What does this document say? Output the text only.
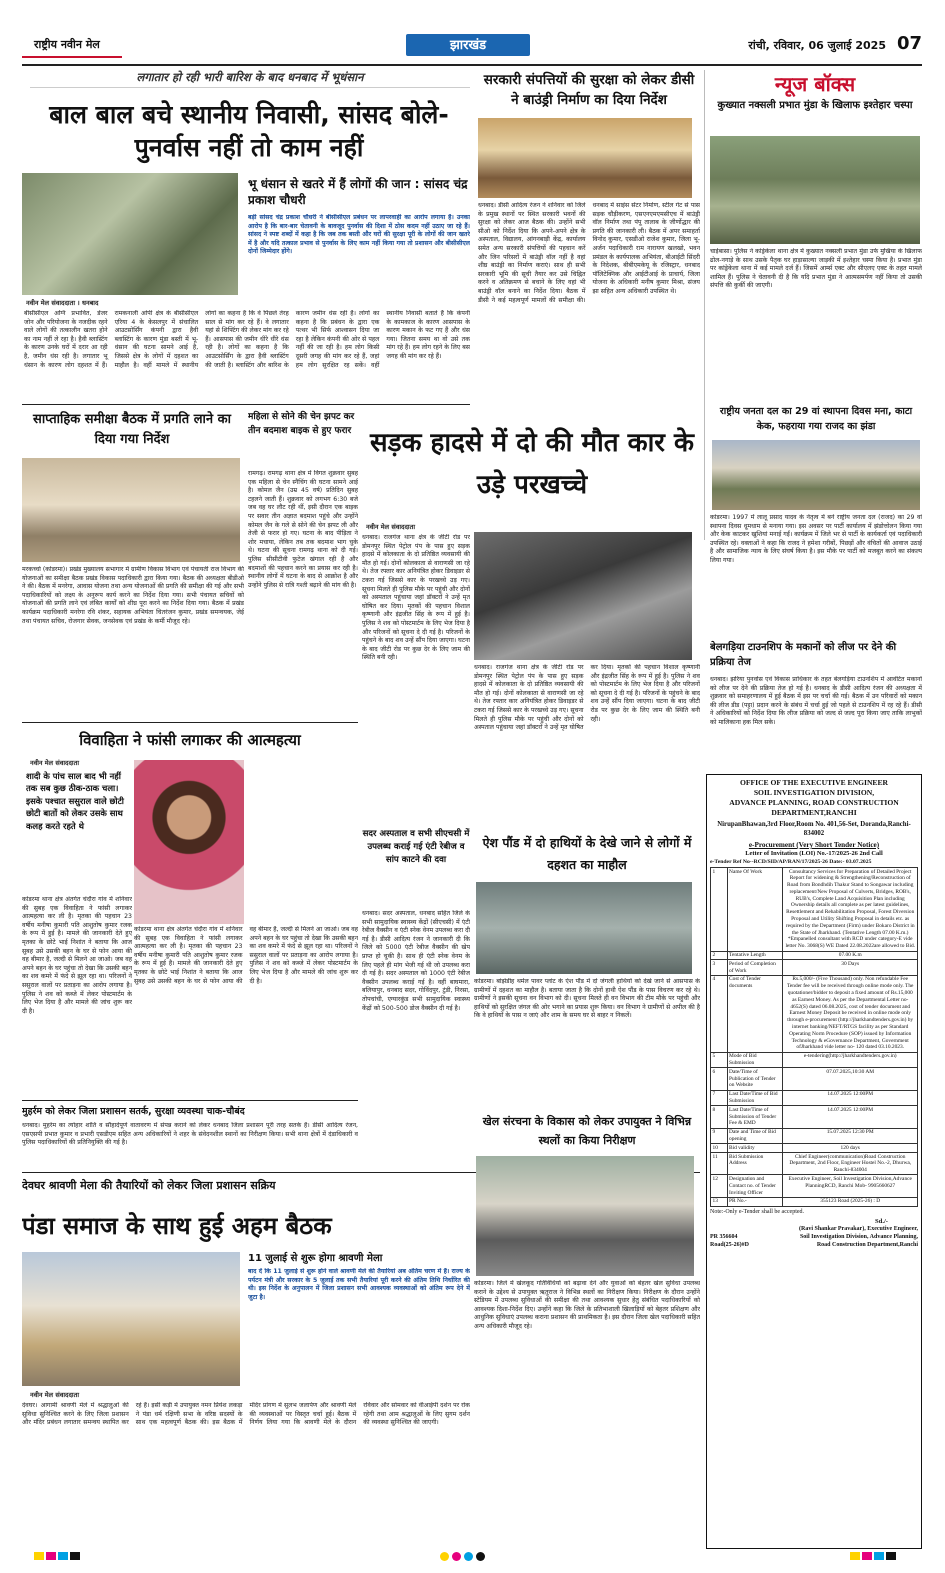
राष्ट्रीय नवीन मेल	झारखंड	रांची, रविवार, 06 जुलाई 2025 07
लगातार हो रही भारी बारिश के बाद धनबाद में भूधंसान
बाल बाल बचे स्थानीय निवासी, सांसद बोले- पुनर्वास नहीं तो काम नहीं
भू धंसान से खतरे में हैं लोगों की जान : सांसद चंद्र प्रकाश चौधरी
बड़ी सांसद चंद्र प्रकाश चौधरी ने बीसीसीएल प्रबंधन पर लापरवाही का आरोप लगाया है। उनका आरोप है कि बार-बार चेतावनी के बावजूद पुनर्वास की दिशा में ठोस कदम नहीं उठाए जा रहे हैं। सांसद ने स्पष्ट शब्दों में कहा है कि जब तक बस्ती और घरों की सुरक्षा पूरी के लोगों की जान खतरे में है और यदि तत्काल प्रभाव से पुनर्वास के लिए काम नहीं किया गया तो प्रशासन और बीसीसीएल दोनों जिम्मेदार होंगे।
नवीन मेल संवाददाता । धनबाद
बीसीसीएल अग्नि प्रभावित, डेंजर जोन और परियोजना के नजदीक रहने वाले लोगों की तत्कालीन खतरा होने का नाम नहीं ले रहा है। हैवी ब्लास्टिंग के कारण उनके घरों में दरार आ रही है, जमीन धंस रही है। लगातार भू धंसान के कारण लोग दहशत में हैं। रामकनाली ओपी क्षेत्र के बीसीसीएल एरिया 4 के केसलपुर में संचालित आउटसोर्सिंग कंपनी द्वारा हैवी ब्लास्टिंग के कारण मुंडा बस्ती में भू-धंसान की घटना सामने आई है, जिससे क्षेत्र के लोगों में दहशत का माहौल है। वहीं मामले में स्थानीय लोगों का कहना है कि वे पिछले तेरह साल से मांग कर रहे हैं। वे लगातार यहां से शिफ्टिंग की लेकर मांग कर रहे हैं। आसपास की जमीन धीरे धीरे धंस रही है। लोगों का कहना है कि आउटसोर्सिंग के द्वारा हैवी ब्लास्टिंग की जाती है। ब्लास्टिंग और बारिश के कारण जमीन धंस रही है। लोगों का कहना है कि प्रबंधन के द्वारा एक पत्थर भी सिर्फ आश्वासन दिया जा रहा है लेकिन कंपनी की ओर से पहल नहीं की जा रही है। हम लोग किसी दूसरी जगह की मांग कर रहे हैं, जहां हम लोग सुरक्षित रह सकें। वहीं स्थानीय निवासी बताते हैं कि कंपनी के कामकाज के कारण आसपास के कारण मकान के फट गए हैं और धंस गया। जितना समय था वो उसे तक मांग रहे हैं। हम लोग रहने के लिए बस जगह की मांग कर रहे हैं।
सरकारी संपत्तियों की सुरक्षा को लेकर डीसी ने बाउंड्री निर्माण का दिया निर्देश
धनबाद। डीसी आदित्य रंजन ने शनिवार को जिले के प्रमुख स्थानों पर स्थित सरकारी भवनों की सुरक्षा को लेकर आज बैठक की। उन्होंने सभी सीओ को निर्देश दिया कि अपने-अपने क्षेत्र के अस्पताल, विद्यालय, आंगनबाड़ी केंद्र, कार्यालय समेत अन्य सरकारी संपत्तियों की पहचान करें और जिन परिसरों में बाउंड्री वॉल नहीं है वहां शीघ्र बाउंड्री का निर्माण कराएं। साथ ही सभी सरकारी भूमि की सूची तैयार कर उसे चिह्नित करने व अतिक्रमण से बचाने के लिए वहां भी बाउंड्री वॉल बनाने का निर्देश दिया। बैठक में डीसी ने कई महत्वपूर्ण मामलों की समीक्षा की। धनबाद में साइंस सेंटर निर्माण, स्टील गेट से पास सड़क चौड़ीकरण, एसएनएमएमसीएच में बाउंड्री वॉल निर्माण तथा पंपू तालाब के जीर्णोद्धार की प्रगति की जानकारी ली। बैठक में अपर समाहर्ता विनोद कुमार, एसडीओ राजेश कुमार, जिला भू-अर्जन पदाधिकारी राम नारायण खलखो, भवन प्रमंडल के कार्यपालक अभियंता, बीआईटी सिंदरी के निदेशक, बीबीएमकेयू के रजिस्ट्रार, धनबाद पॉलिटेक्निक और आईटीआई के प्राचार्य, जिला योजना के अधिकारी मनीष कुमार मिश्रा, संजय झा सहित अन्य अधिकारी उपस्थित थे।
न्यूज बॉक्स
कुख्यात नक्सली प्रभात मुंडा के खिलाफ इश्तेहार चस्पा
चाईबासा। पुलिस ने कांड्रेकेला थाना क्षेत्र में कुख्यात नक्सली प्रभात मुंडा उर्फ मुखिया के खिलाफ ढोल-नगाड़े के साथ उसके पैतृक घर हाड़ासाल्या जाड़की में इश्तेहार चस्पा किया है। प्रभात मुंडा पर कांड्रेकेला थाना में कई मामले दर्ज हैं। जिसमें आर्म्स एक्ट और सीएलए एक्ट के तहत मामले शामिल हैं। पुलिस ने चेतावनी दी है कि यदि प्रभात मुंडा ने आत्मसमर्पण नहीं किया तो उसकी संपत्ति की कुर्की की जाएगी।
राष्ट्रीय जनता दल का 29 वां स्थापना दिवस मना, काटा केक, फहराया गया राजद का झंडा
कोडरमा। 1997 में लालू प्रसाद यादव के नेतृत्व में बने राष्ट्रीय जनता दल (राजद) का 29 वां स्थापना दिवस धूमधाम से मनाया गया। इस अवसर पर पार्टी कार्यालय में झंडोत्तोलन किया गया और केक काटकर खुशियां मनाई गईं। कार्यक्रम में जिले भर से पार्टी के कार्यकर्ता एवं पदाधिकारी उपस्थित रहे। वक्ताओं ने कहा कि राजद ने हमेशा गरीबों, पिछड़ों और वंचितों की आवाज उठाई है और सामाजिक न्याय के लिए संघर्ष किया है। इस मौके पर पार्टी को मजबूत करने का संकल्प लिया गया।
बेलगड़िया टाउनशिप के मकानों को लीज पर देने की प्रक्रिया तेज
धनबाद। झरिया पुनर्वास एवं विकास प्राधिकार के तहत बेलगड़िया टाउनशिप में आवंटित मकानों को लीज पर देने की प्रक्रिया तेज हो गई है। धनबाद के डीसी आदित्य रंजन की अध्यक्षता में शुक्रवार को समाहरणालय में हुई बैठक में इस पर चर्चा की गई। बैठक में उन परिवारों को मकान की लीज डीड (पट्टा) प्रदान करने के संबंध में चर्चा हुई जो पहले से टाउनशिप में रह रहे हैं। डीसी ने अधिकारियों को निर्देश दिया कि लीज प्रक्रिया को जल्द से जल्द पूरा किया जाए ताकि लाभुकों को मालिकाना हक मिल सके।
साप्ताहिक समीक्षा बैठक में प्रगति लाने का दिया गया निर्देश
मरकच्चो (कोडरमा)। प्रखंड मुख्यालय सभागार में ग्रामीण विकास विभाग एवं पंचायती राज विभाग की योजनाओं का समीक्षा बैठक प्रखंड विकास पदाधिकारी द्वारा किया गया। बैठक की अध्यक्षता बीडीओ ने की। बैठक में मनरेगा, आवास योजना तथा अन्य योजनाओं की प्रगति की समीक्षा की गई और सभी पदाधिकारियों को लक्ष्य के अनुरूप कार्य करने का निर्देश दिया गया। सभी पंचायत सचिवों को योजनाओं की प्रगति लाने एवं लंबित कार्यों को शीघ्र पूरा करने का निर्देश दिया गया। बैठक में प्रखंड कार्यक्रम पदाधिकारी मनरेगा रवि शंकर, सहायक अभियंता चितरंजन कुमार, प्रखंड समन्वयक, जेई तथा पंचायत सचिव, रोजगार सेवक, जनसेवक एवं प्रखंड के कर्मी मौजूद रहे।
महिला से सोने की चेन झपट कर तीन बदमाश बाइक से हुए फरार
रामगढ़। रामगढ़ थाना क्षेत्र में विगत शुक्रवार सुबह एक महिला से चेन स्नैचिंग की घटना सामने आई है। कोमल जैन (उम्र 45 वर्ष) प्रतिदिन सुबह टहलने जाती हैं। शुक्रवार को लगभग 6:30 बजे जब वह घर लौट रही थीं, इसी दौरान एक बाइक पर सवार तीन अज्ञात बदमाश पहुंचे और उन्होंने कोमल जैन के गले से सोने की चेन झपट ली और तेजी से फरार हो गए। घटना के बाद पीड़िता ने शोर मचाया, लेकिन तब तक बदमाश भाग चुके थे। घटना की सूचना रामगढ़ थाना को दी गई। पुलिस सीसीटीवी फुटेज खंगाल रही है और बदमाशों की पहचान करने का प्रयास कर रही है। स्थानीय लोगों में घटना के बाद से आक्रोश है और उन्होंने पुलिस से रात्रि गश्ती बढ़ाने की मांग की है।
सड़क हादसे में दो की मौत कार के उड़े परखच्चे
नवीन मेल संवाददाता
धनबाद। राजगंज थाना क्षेत्र के जीटी रोड पर डोमनपुर स्थित पेट्रोल पंप के पास हुए सड़क हादसे में कोलकाता के दो प्रतिष्ठित व्यवसायी की मौत हो गई। दोनों कोलकाता से वाराणसी जा रहे थे। तेज रफ्तार कार अनियंत्रित होकर डिवाइडर से टकरा गई जिससे कार के परखच्चे उड़ गए। सूचना मिलते ही पुलिस मौके पर पहुंची और दोनों को अस्पताल पहुंचाया जहां डॉक्टरों ने उन्हें मृत घोषित कर दिया। मृतकों की पहचान विशाल कृष्णानी और इंद्रजीत सिंह के रूप में हुई है। पुलिस ने शव को पोस्टमार्टम के लिए भेज दिया है और परिजनों को सूचना दे दी गई है। परिजनों के पहुंचने के बाद शव उन्हें सौंप दिया जाएगा। घटना के बाद जीटी रोड पर कुछ देर के लिए जाम की स्थिति बनी रही।
धनबाद। राजगंज थाना क्षेत्र के जीटी रोड पर डोमनपुर स्थित पेट्रोल पंप के पास हुए सड़क हादसे में कोलकाता के दो प्रतिष्ठित व्यवसायी की मौत हो गई। दोनों कोलकाता से वाराणसी जा रहे थे। तेज रफ्तार कार अनियंत्रित होकर डिवाइडर से टकरा गई जिससे कार के परखच्चे उड़ गए। सूचना मिलते ही पुलिस मौके पर पहुंची और दोनों को अस्पताल पहुंचाया जहां डॉक्टरों ने उन्हें मृत घोषित कर दिया। मृतकों की पहचान विशाल कृष्णानी और इंद्रजीत सिंह के रूप में हुई है। पुलिस ने शव को पोस्टमार्टम के लिए भेज दिया है और परिजनों को सूचना दे दी गई है। परिजनों के पहुंचने के बाद शव उन्हें सौंप दिया जाएगा। घटना के बाद जीटी रोड पर कुछ देर के लिए जाम की स्थिति बनी रही।
विवाहिता ने फांसी लगाकर की आत्महत्या
नवीन मेल संवाददाता
शादी के पांच साल बाद भी नहीं तक सब कुछ ठीक-ठाक चला। इसके पश्चात ससुराल वाले छोटी छोटी बातों को लेकर उसके साथ कलह करते रहते थे
कोडरमा थाना क्षेत्र अंतर्गत चंदौरा गांव में शनिवार की सुबह एक विवाहिता ने फांसी लगाकर आत्महत्या कर ली है। मृतका की पहचान 23 वर्षीय मनीषा कुमारी पति आशुतोष कुमार रजक के रूप में हुई है। मामले की जानकारी देते हुए मृतका के छोटे भाई निशांत ने बताया कि आज सुबह उसे उसकी बहन के घर से फोन आया की वह बीमार है, जल्दी से मिलने आ जाओ। जब वह अपने बहन के घर पहुंचा तो देखा कि उसकी बहन का शव कमरे में फंदे से झूल रहा था। परिजनों ने ससुराल वालों पर प्रताड़ना का आरोप लगाया है। पुलिस ने शव को कब्जे में लेकर पोस्टमार्टम के लिए भेज दिया है और मामले की जांच शुरू कर दी है।
कोडरमा थाना क्षेत्र अंतर्गत चंदौरा गांव में शनिवार की सुबह एक विवाहिता ने फांसी लगाकर आत्महत्या कर ली है। मृतका की पहचान 23 वर्षीय मनीषा कुमारी पति आशुतोष कुमार रजक के रूप में हुई है। मामले की जानकारी देते हुए मृतका के छोटे भाई निशांत ने बताया कि आज सुबह उसे उसकी बहन के घर से फोन आया की वह बीमार है, जल्दी से मिलने आ जाओ। जब वह अपने बहन के घर पहुंचा तो देखा कि उसकी बहन का शव कमरे में फंदे से झूल रहा था। परिजनों ने ससुराल वालों पर प्रताड़ना का आरोप लगाया है। पुलिस ने शव को कब्जे में लेकर पोस्टमार्टम के लिए भेज दिया है और मामले की जांच शुरू कर दी है।
सदर अस्पताल व सभी सीएचसी में उपलब्ध कराई गई एंटी रेबीज व सांप काटने की दवा
धनबाद। सदर अस्पताल, धनबाद सहित जिले के सभी सामुदायिक स्वास्थ्य केंद्रों (सीएचसी) में एंटी रेबीज वैक्सीन व एंटी स्नेक वेनम उपलब्ध करा दी गई है। डीसी आदित्य रंजन ने जानकारी दी कि जिले को 5000 एंटी रेबीज वैक्सीन की खेप प्राप्त हो चुकी है। साथ ही एंटी स्नेक वेनम के लिए पहले ही मांग भेजी गई थी जो उपलब्ध करा दी गई है। सदर अस्पताल को 1000 एंटी रेबीज वैक्सीन उपलब्ध कराई गई है। वहीं बाघमारा, बलियापुर, धनबाद सदर, गोविंदपुर, टुंडी, निरसा, तोपचांची, एग्यारकुंड सभी सामुदायिक स्वास्थ्य केंद्रों को 500-500 डोज वैक्सीन दी गई है।
ऐश पौंड में दो हाथियों के देखे जाने से लोगों में दहशत का माहौल
कोडरमा। बांझेडीह थर्मल पावर प्लांट के ऐश पौंड में दो जंगली हाथियों को देखे जाने से आसपास के ग्रामीणों में दहशत का माहौल है। बताया जाता है कि दोनों हाथी ऐश पौंड के पास विचरण कर रहे थे। ग्रामीणों ने इसकी सूचना वन विभाग को दी। सूचना मिलते ही वन विभाग की टीम मौके पर पहुंची और हाथियों को सुरक्षित जंगल की ओर भगाने का प्रयास शुरू किया। वन विभाग ने ग्रामीणों से अपील की है कि वे हाथियों के पास न जाएं और शाम के समय घर से बाहर न निकलें।
मुहर्रम को लेकर जिला प्रशासन सतर्क, सुरक्षा व्यवस्था चाक-चौबंद
धनबाद। मुहर्रम का त्योहार शांति व सौहार्दपूर्ण वातावरण में संपन्न कराने को लेकर धनबाद जिला प्रशासन पूरी तरह सतर्क है। डीसी आदित्य रंजन, एसएसपी प्रभात कुमार व प्रभारी एसडीएम सहित अन्य अधिकारियों ने शहर के संवेदनशील स्थानों का निरीक्षण किया। सभी थाना क्षेत्रों में दंडाधिकारी व पुलिस पदाधिकारियों की प्रतिनियुक्ति की गई है।
देवघर श्रावणी मेला की तैयारियों को लेकर जिला प्रशासन सक्रिय
पंडा समाज के साथ हुई अहम बैठक
11 जुलाई से शुरू होगा श्रावणी मेला
बाद दें कि 11 जुलाई से शुरू होने वाले श्रावणी मेले की तैयारियां अब अंतिम चरण में हैं। राज्य के पर्यटन मंत्री और सरकार के 5 जुलाई तक सभी तैयारियां पूरी करने की अंतिम तिथि निर्धारित की थी। इस निर्देश के अनुपालन में जिला प्रशासन सभी आवश्यक व्यवस्थाओं को अंतिम रूप देने में जुटा है।
नवीन मेल संवाददाता
देवघर। आगामी श्रावणी मेले में श्रद्धालुओं की सुविधा सुनिश्चित करने के लिए जिला प्रशासन और मंदिर प्रबंधन लगातार समन्वय स्थापित कर रहे हैं। इसी कड़ी में उपायुक्त नमन प्रियेश लकड़ा ने पंडा धर्म रक्षिणी सभा के वरिष्ठ सदस्यों के साथ एक महत्वपूर्ण बैठक की। इस बैठक में मंदिर प्रांगण में सुलभ जलार्पण और श्रावणी मेले की व्यवस्थाओं पर विस्तृत चर्चा हुई। बैठक में निर्णय लिया गया कि श्रावणी मेले के दौरान रविवार और सोमवार को वीआईपी दर्शन पर रोक रहेगी तथा आम श्रद्धालुओं के लिए सुगम दर्शन की व्यवस्था सुनिश्चित की जाएगी।
खेल संरचना के विकास को लेकर उपायुक्त ने विभिन्न स्थलों का किया निरीक्षण
कोडरमा। जिले में खेलकूद गतिविधियों को बढ़ावा देने और युवाओं को बेहतर खेल सुविधा उपलब्ध कराने के उद्देश्य से उपायुक्त ऋतुराज ने विभिन्न स्थलों का निरीक्षण किया। निरीक्षण के दौरान उन्होंने स्टेडियम में उपलब्ध सुविधाओं की समीक्षा की तथा आवश्यक सुधार हेतु संबंधित पदाधिकारियों को आवश्यक दिशा-निर्देश दिए। उन्होंने कहा कि जिले के प्रतिभाशाली खिलाड़ियों को बेहतर प्रशिक्षण और आधुनिक सुविधाएं उपलब्ध कराना प्रशासन की प्राथमिकता है। इस दौरान जिला खेल पदाधिकारी सहित अन्य अधिकारी मौजूद रहे।
OFFICE OF THE EXECUTIVE ENGINEER
SOIL INVESTIGATION DIVISION,
ADVANCE PLANNING, ROAD CONSTRUCTION
DEPARTMENT,RANCHI
NirupanBhawan,3rd Floor,Room No. 401,56-Set, Doranda,Ranchi-834002
e-Procurement (Very Short Tender Notice)
Letter of Invitation (LOI) No.-17/2025-26 2nd Call
e-Tender Ref No--RCD/SID/AP/RAN/17/2025-26 Date:- 03.07.2025
1	Name Of Work	Consultancy Services for Preparation of Detailed Project Report for widening & Strengthening/Reconstruction of Road from Bondhdih Thakur Stand to Songawar including replacement/New Proposal of Culverts, Bridges, ROB's, RUB's, Complete Land Acquisition Plan including Ownership details all complete as per latest guidelines, Resettlement and Rehabilitation Proposal, Forest Diversion Proposal and Utility Shifting Proposal in details etc. as required by the Department (Firm) under Bokaro District in the State of Jharkhand. (Tentative Length 07.00 K.m.) *Empanelled consultant with RCD under category-E vide letter No. 3068(S) WE Dated 22.08.2022are allowed to Bid.
2	Tentative Length	07.00 K.m
3	Period of Completion of Work	30 Days
4	Cost of Tender documents	Rs.5,000/- (Five Thousand) only. Non refundable Fee Tender fee will be received through online mode only. The quotationer/bidder to deposit a fixed amount of Rs.15,000 as Earnest Money. As per the Departmental Letter no-4652(S) dated 06.08.2025, cost of tender document and Earnest Money Deposit be received in online mode only through e-procurement (http://jharkhandtenders.gov.in) by internet banking/NEFT/RTGS facility as per Standard Operating Norm Procedure (SOP) issued by Information Technology & eGovernance Department, Government ofJharkhand vide letter no- 120 dated 03.10.2023.
5	Mode of Bid Submission	e-tendering(http://jharkhandtenders.gov.in)
6	Date/Time of Publication of Tender on Website	07.07.2025,10:30 AM
7	Last Date/Time of Bid Submission	14.07.2025 12:00PM
8	Last Date/Time of Submission of Tender Fee & EMD	14.07.2025 12:00PM
9	Date and Time of Bid opening	15.07.2025 12:30 PM
10	Bid validity	120 days
11	Bid Submission Address	Chief Engineer(communication)Road Construction Department, 2nd Floor, Engineer Hostel No.-2, Dhurwa, Ranchi-834004
12	Designation and Contact no. of Tender Inviting Officer	Executive Engineer, Soil Investigation Division,Advance PlanningRCD, Ranchi Mob- 9905660627
13	PR No.-	355123 Road (2025-26) : D
Note:-Only e-Tender shall be accepted.
Sd./-
(Ravi Shankar Pravakar), Executive Engineer,
Soil Investigation Division, Advance Planning,
Road Construction Department,Ranchi
PR 356604
Road(25-26)#D
